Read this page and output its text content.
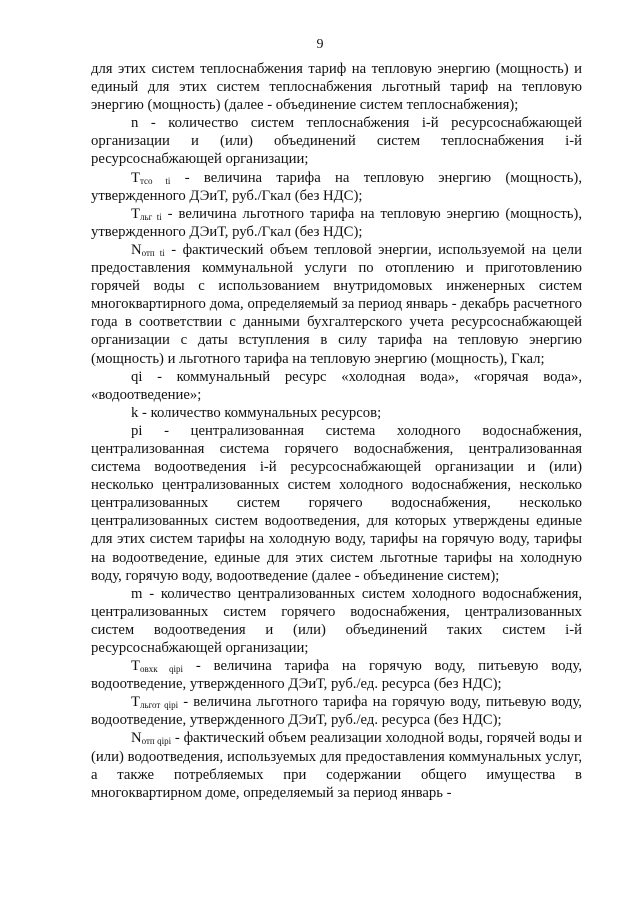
9

для этих систем теплоснабжения тариф на тепловую энергию (мощность) и единый для этих систем теплоснабжения льготный тариф на тепловую энергию (мощность) (далее - объединение систем теплоснабжения);

n - количество систем теплоснабжения i-й ресурсоснабжающей организации и (или) объединений систем теплоснабжения i-й ресурсоснабжающей организации;

$Т_{тсо ti}$ - величина тарифа на тепловую энергию (мощность), утвержденного ДЭиТ, руб./Гкал (без НДС);

$Т_{льг ti}$ - величина льготного тарифа на тепловую энергию (мощность), утвержденного ДЭиТ, руб./Гкал (без НДС);

$N_{отп ti}$ - фактический объем тепловой энергии, используемой на цели предоставления коммунальной услуги по отоплению и приготовлению горячей воды с использованием внутридомовых инженерных систем многоквартирного дома, определяемый за период январь - декабрь расчетного года в соответствии с данными бухгалтерского учета ресурсоснабжающей организации с даты вступления в силу тарифа на тепловую энергию (мощность) и льготного тарифа на тепловую энергию (мощность), Гкал;

qi - коммунальный ресурс «холодная вода», «горячая вода», «водоотведение»;

k - количество коммунальных ресурсов;

pi - централизованная система холодного водоснабжения, централизованная система горячего водоснабжения, централизованная система водоотведения i-й ресурсоснабжающей организации и (или) несколько централизованных систем холодного водоснабжения, несколько централизованных систем горячего водоснабжения, несколько централизованных систем водоотведения, для которых утверждены единые для этих систем тарифы на холодную воду, тарифы на горячую воду, тарифы на водоотведение, единые для этих систем льготные тарифы на холодную воду, горячую воду, водоотведение (далее - объединение систем);

m - количество централизованных систем холодного водоснабжения, централизованных систем горячего водоснабжения, централизованных систем водоотведения и (или) объединений таких систем i-й ресурсоснабжающей организации;

$Т_{овхк qipi}$ - величина тарифа на горячую воду, питьевую воду, водоотведение, утвержденного ДЭиТ, руб./ед. ресурса (без НДС);

$Т_{льгот qipi}$ - величина льготного тарифа на горячую воду, питьевую воду, водоотведение, утвержденного ДЭиТ, руб./ед. ресурса (без НДС);

$N_{отп qipi}$ - фактический объем реализации холодной воды, горячей воды и (или) водоотведения, используемых для предоставления коммунальных услуг, а также потребляемых при содержании общего имущества в многоквартирном доме, определяемый за период январь -
